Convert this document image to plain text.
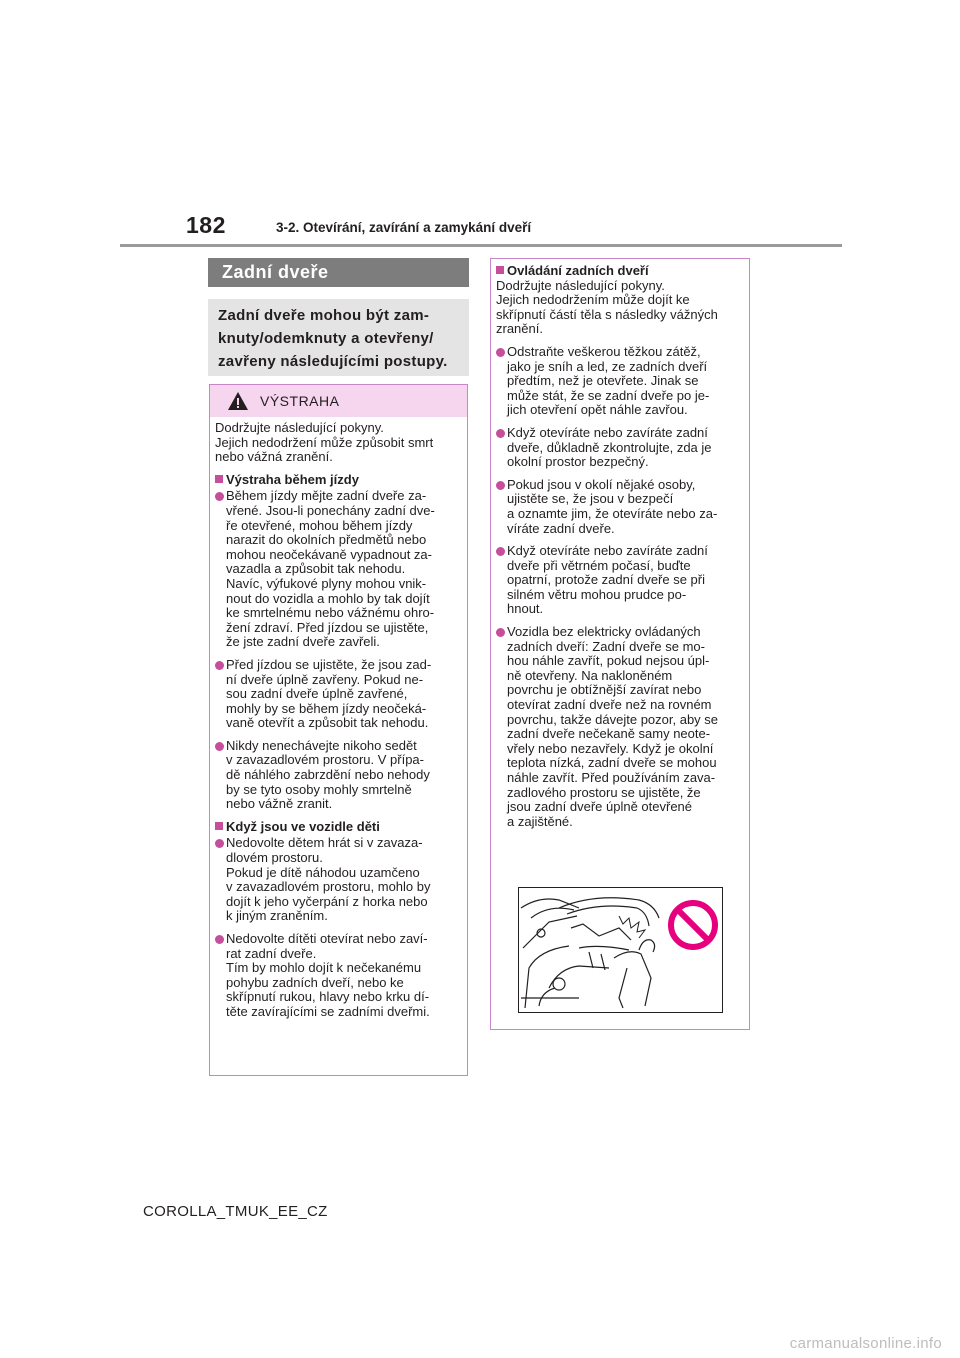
182	3-2. Otevírání, zavírání a zamykání dveří
Zadní dveře

Zadní dveře mohou být zam-

knuty/odemknuty a otevřeny/

zavřeny následujícími postupy.

VÝSTRAHA

Dodržujte následující pokyny.
Jejich nedodržení může způsobit smrt
nebo vážná zranění.

Výstraha během jízdy

Během jízdy mějte zadní dveře za-
vřené. Jsou-li ponechány zadní dve-
ře otevřené, mohou během jízdy
narazit do okolních předmětů nebo
mohou neočekávaně vypadnout za-
vazadla a způsobit tak nehodu.
Navíc, výfukové plyny mohou vnik-
nout do vozidla a mohlo by tak dojít
ke smrtelnému nebo vážnému ohro-
žení zdraví. Před jízdou se ujistěte,
že jste zadní dveře zavřeli.
Před jízdou se ujistěte, že jsou zad-
ní dveře úplně zavřeny. Pokud ne-
sou zadní dveře úplně zavřené,
mohly by se během jízdy neočeká-
vaně otevřít a způsobit tak nehodu.
Nikdy nenechávejte nikoho sedět
v zavazadlovém prostoru. V přípa-
dě náhlého zabrzdění nebo nehody
by se tyto osoby mohly smrtelně
nebo vážně zranit.

Když jsou ve vozidle děti

Nedovolte dětem hrát si v zavaza-
dlovém prostoru.
Pokud je dítě náhodou uzamčeno
v zavazadlovém prostoru, mohlo by
dojít k jeho vyčerpání z horka nebo
k jiným zraněním.
Nedovolte dítěti otevírat nebo zaví-
rat zadní dveře.
Tím by mohlo dojít k nečekanému
pohybu zadních dveří, nebo ke
skřípnutí rukou, hlavy nebo krku dí-
těte zavírajícími se zadními dveřmi.

Ovládání zadních dveří

Dodržujte následující pokyny.
Jejich nedodržením může dojít ke
skřípnutí částí těla s následky vážných
zranění.

Odstraňte veškerou těžkou zátěž,
jako je sníh a led, ze zadních dveří
předtím, než je otevřete. Jinak se
může stát, že se zadní dveře po je-
jich otevření opět náhle zavřou.
Když otevíráte nebo zavíráte zadní
dveře, důkladně zkontrolujte, zda je
okolní prostor bezpečný.
Pokud jsou v okolí nějaké osoby,
ujistěte se, že jsou v bezpečí
a oznamte jim, že otevíráte nebo za-
víráte zadní dveře.
Když otevíráte nebo zavíráte zadní
dveře při větrném počasí, buďte
opatrní, protože zadní dveře se při
silném větru mohou prudce po-
hnout.
Vozidla bez elektricky ovládaných
zadních dveří: Zadní dveře se mo-
hou náhle zavřít, pokud nejsou úpl-
ně otevřeny. Na nakloněném
povrchu je obtížnější zavírat nebo
otevírat zadní dveře než na rovném
povrchu, takže dávejte pozor, aby se
zadní dveře nečekaně samy neote-
vřely nebo nezavřely. Když je okolní
teplota nízká, zadní dveře se mohou
náhle zavřít. Před používáním zava-
zadlového prostoru se ujistěte, že
jsou zadní dveře úplně otevřené
a zajištěné.
COROLLA_TMUK_EE_CZ
carmanualsonline.info
